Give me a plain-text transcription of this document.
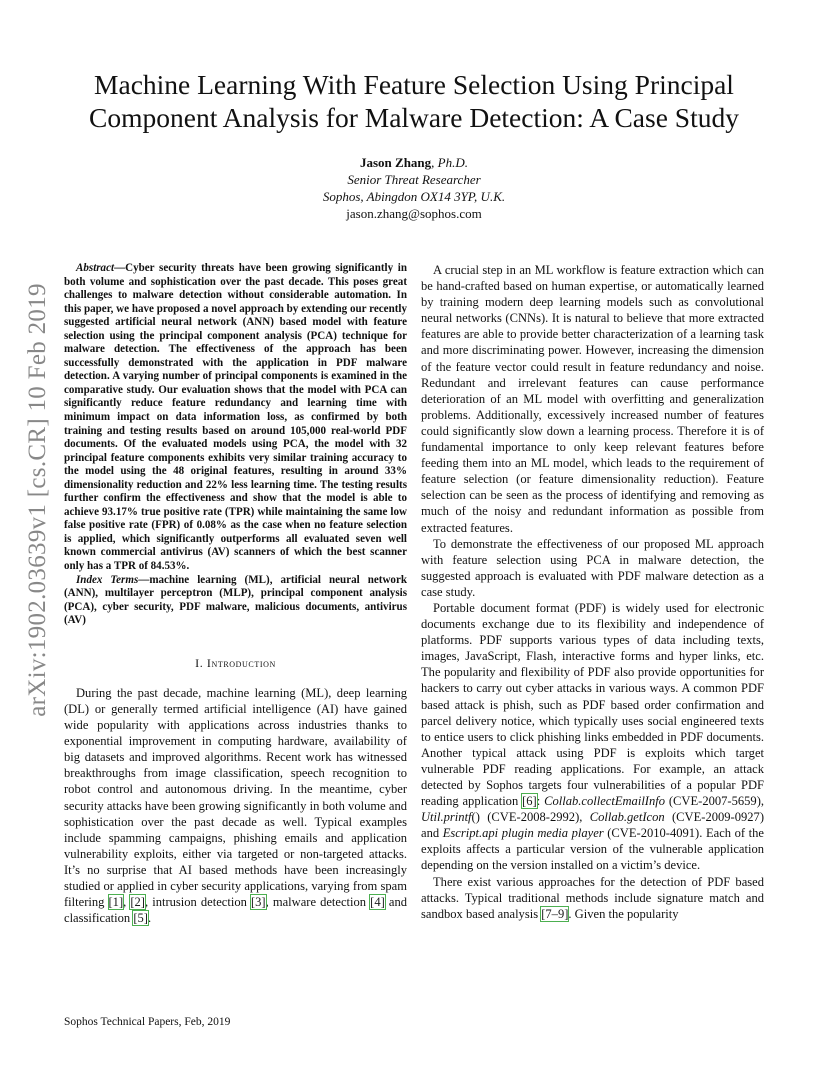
arXiv:1902.03639v1 [cs.CR] 10 Feb 2019
Machine Learning With Feature Selection Using Principal Component Analysis for Malware Detection: A Case Study
Jason Zhang, Ph.D.
Senior Threat Researcher
Sophos, Abingdon OX14 3YP, U.K.
jason.zhang@sophos.com

Abstract—Cyber security threats have been growing significantly in both volume and sophistication over the past decade. This poses great challenges to malware detection without considerable automation. In this paper, we have proposed a novel approach by extending our recently suggested artificial neural network (ANN) based model with feature selection using the principal component analysis (PCA) technique for malware detection. The effectiveness of the approach has been successfully demonstrated with the application in PDF malware detection. A varying number of principal components is examined in the comparative study. Our evaluation shows that the model with PCA can significantly reduce feature redundancy and learning time with minimum impact on data information loss, as confirmed by both training and testing results based on around 105,000 real-world PDF documents. Of the evaluated models using PCA, the model with 32 principal feature components exhibits very similar training accuracy to the model using the 48 original features, resulting in around 33% dimensionality reduction and 22% less learning time. The testing results further confirm the effectiveness and show that the model is able to achieve 93.17% true positive rate (TPR) while maintaining the same low false positive rate (FPR) of 0.08% as the case when no feature selection is applied, which significantly outperforms all evaluated seven well known commercial antivirus (AV) scanners of which the best scanner only has a TPR of 84.53%.

Index Terms—machine learning (ML), artificial neural network (ANN), multilayer perceptron (MLP), principal component analysis (PCA), cyber security, PDF malware, malicious documents, antivirus (AV)

I. Introduction

During the past decade, machine learning (ML), deep learning (DL) or generally termed artificial intelligence (AI) have gained wide popularity with applications across industries thanks to exponential improvement in computing hardware, availability of big datasets and improved algorithms. Recent work has witnessed breakthroughs from image classification, speech recognition to robot control and autonomous driving. In the meantime, cyber security attacks have been growing significantly in both volume and sophistication over the past decade as well. Typical examples include spamming campaigns, phishing emails and application vulnerability exploits, either via targeted or non-targeted attacks. It’s no surprise that AI based methods have been increasingly studied or applied in cyber security applications, varying from spam filtering [1], [2], intrusion detection [3], malware detection [4] and classification [5].

A crucial step in an ML workflow is feature extraction which can be hand-crafted based on human expertise, or automatically learned by training modern deep learning models such as convolutional neural networks (CNNs). It is natural to believe that more extracted features are able to provide better characterization of a learning task and more discriminating power. However, increasing the dimension of the feature vector could result in feature redundancy and noise. Redundant and irrelevant features can cause performance deterioration of an ML model with overfitting and generalization problems. Additionally, excessively increased number of features could significantly slow down a learning process. Therefore it is of fundamental importance to only keep relevant features before feeding them into an ML model, which leads to the requirement of feature selection (or feature dimensionality reduction). Feature selection can be seen as the process of identifying and removing as much of the noisy and redundant information as possible from extracted features.

To demonstrate the effectiveness of our proposed ML approach with feature selection using PCA in malware detection, the suggested approach is evaluated with PDF malware detection as a case study.

Portable document format (PDF) is widely used for electronic documents exchange due to its flexibility and independence of platforms. PDF supports various types of data including texts, images, JavaScript, Flash, interactive forms and hyper links, etc. The popularity and flexibility of PDF also provide opportunities for hackers to carry out cyber attacks in various ways. A common PDF based attack is phish, such as PDF based order confirmation and parcel delivery notice, which typically uses social engineered texts to entice users to click phishing links embedded in PDF documents. Another typical attack using PDF is exploits which target vulnerable PDF reading applications. For example, an attack detected by Sophos targets four vulnerabilities of a popular PDF reading application [6]: Collab.collectEmailInfo (CVE-2007-5659), Util.printf() (CVE-2008-2992), Collab.getIcon (CVE-2009-0927) and Escript.api plugin media player (CVE-2010-4091). Each of the exploits affects a particular version of the vulnerable application depending on the version installed on a victim’s device.

There exist various approaches for the detection of PDF based attacks. Typical traditional methods include signature match and sandbox based analysis [7–9]. Given the popularity

Sophos Technical Papers, Feb, 2019
